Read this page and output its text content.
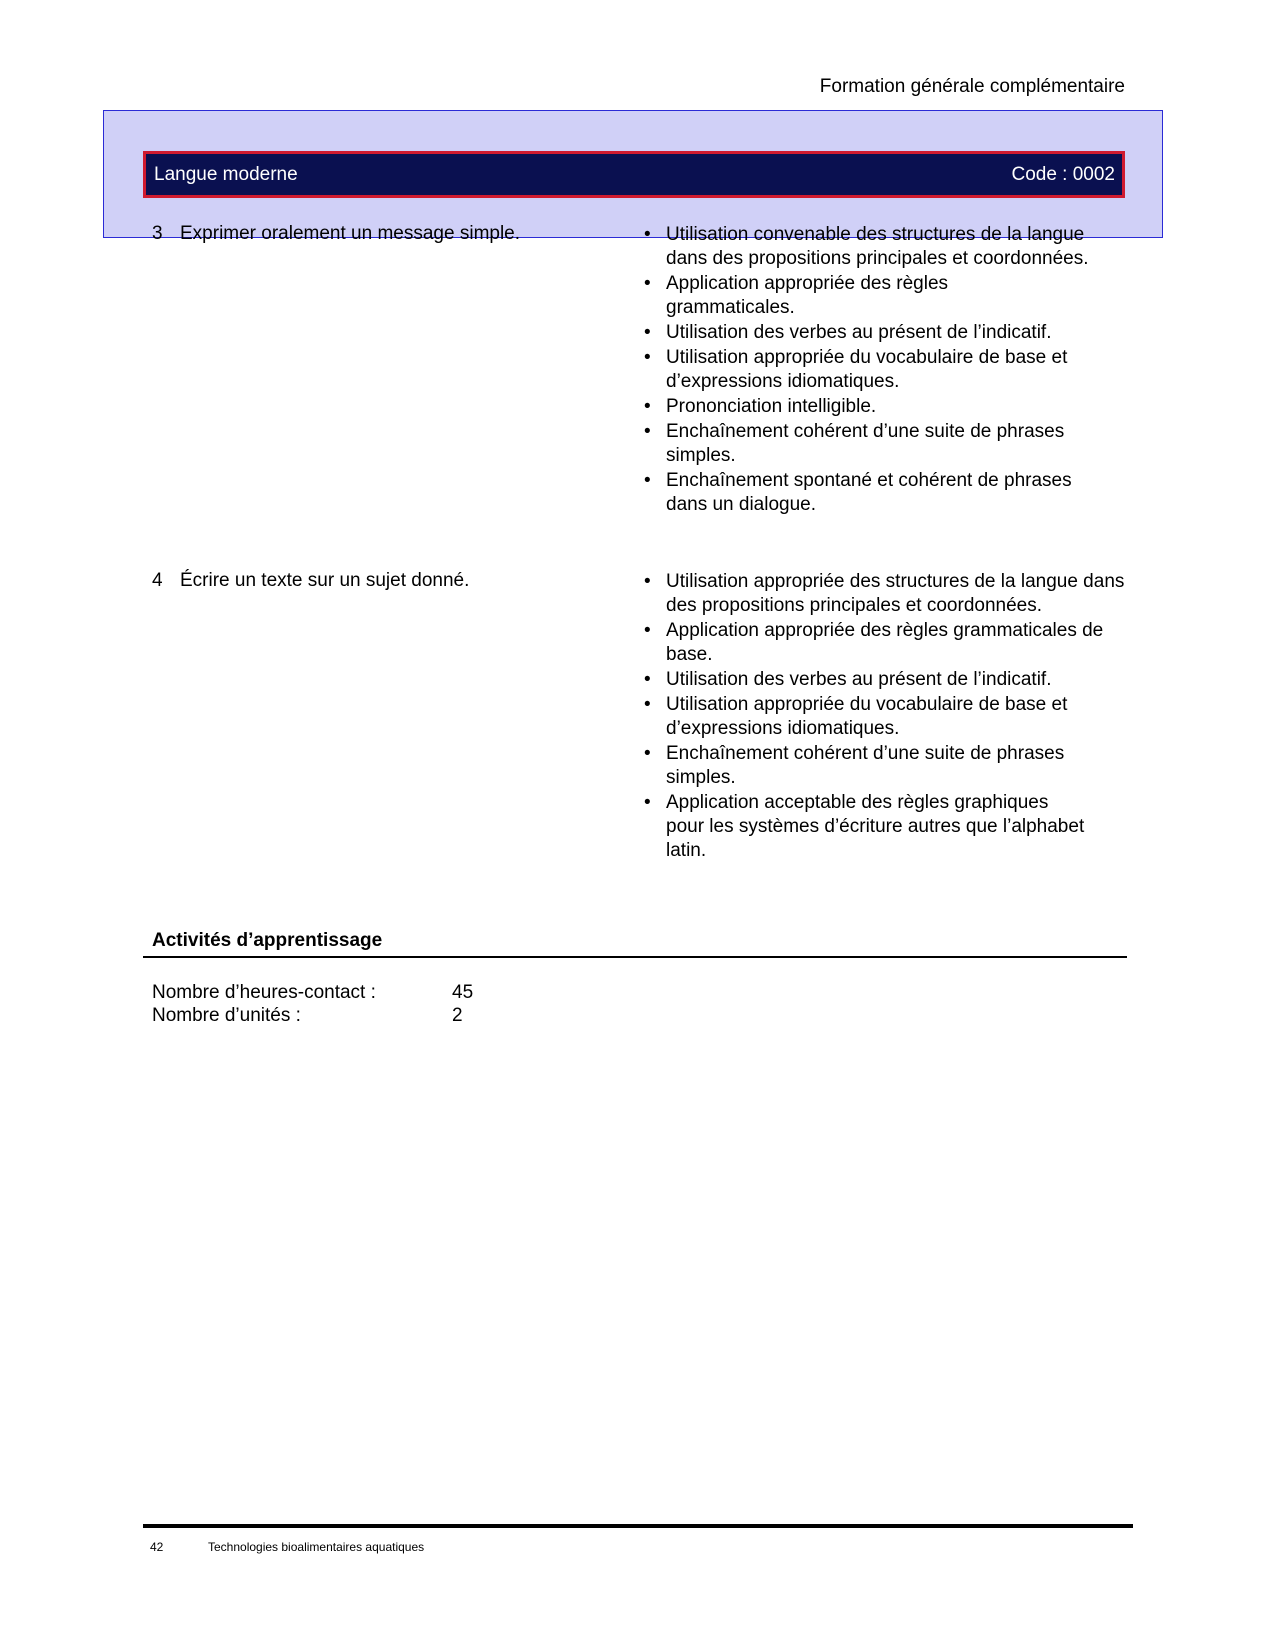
Formation générale complémentaire
Langue moderne	Code : 0002
3 Exprimer oralement un message simple.	• Utilisation convenable des structures de la langue dans des propositions principales et coordonnées.
• Application appropriée des règles grammaticales.
• Utilisation des verbes au présent de l’indicatif.
• Utilisation appropriée du vocabulaire de base et d’expressions idiomatiques.
• Prononciation intelligible.
• Enchaînement cohérent d’une suite de phrases simples.
• Enchaînement spontané et cohérent de phrases dans un dialogue.
4 Écrire un texte sur un sujet donné.	• Utilisation appropriée des structures de la langue dans des propositions principales et coordonnées.
• Application appropriée des règles grammaticales de base.
• Utilisation des verbes au présent de l’indicatif.
• Utilisation appropriée du vocabulaire de base et d’expressions idiomatiques.
• Enchaînement cohérent d’une suite de phrases simples.
• Application acceptable des règles graphiques pour les systèmes d’écriture autres que l’alphabet latin.
Activités d’apprentissage
Nombre d’heures-contact :	45
Nombre d’unités :	2
42	Technologies bioalimentaires aquatiques
